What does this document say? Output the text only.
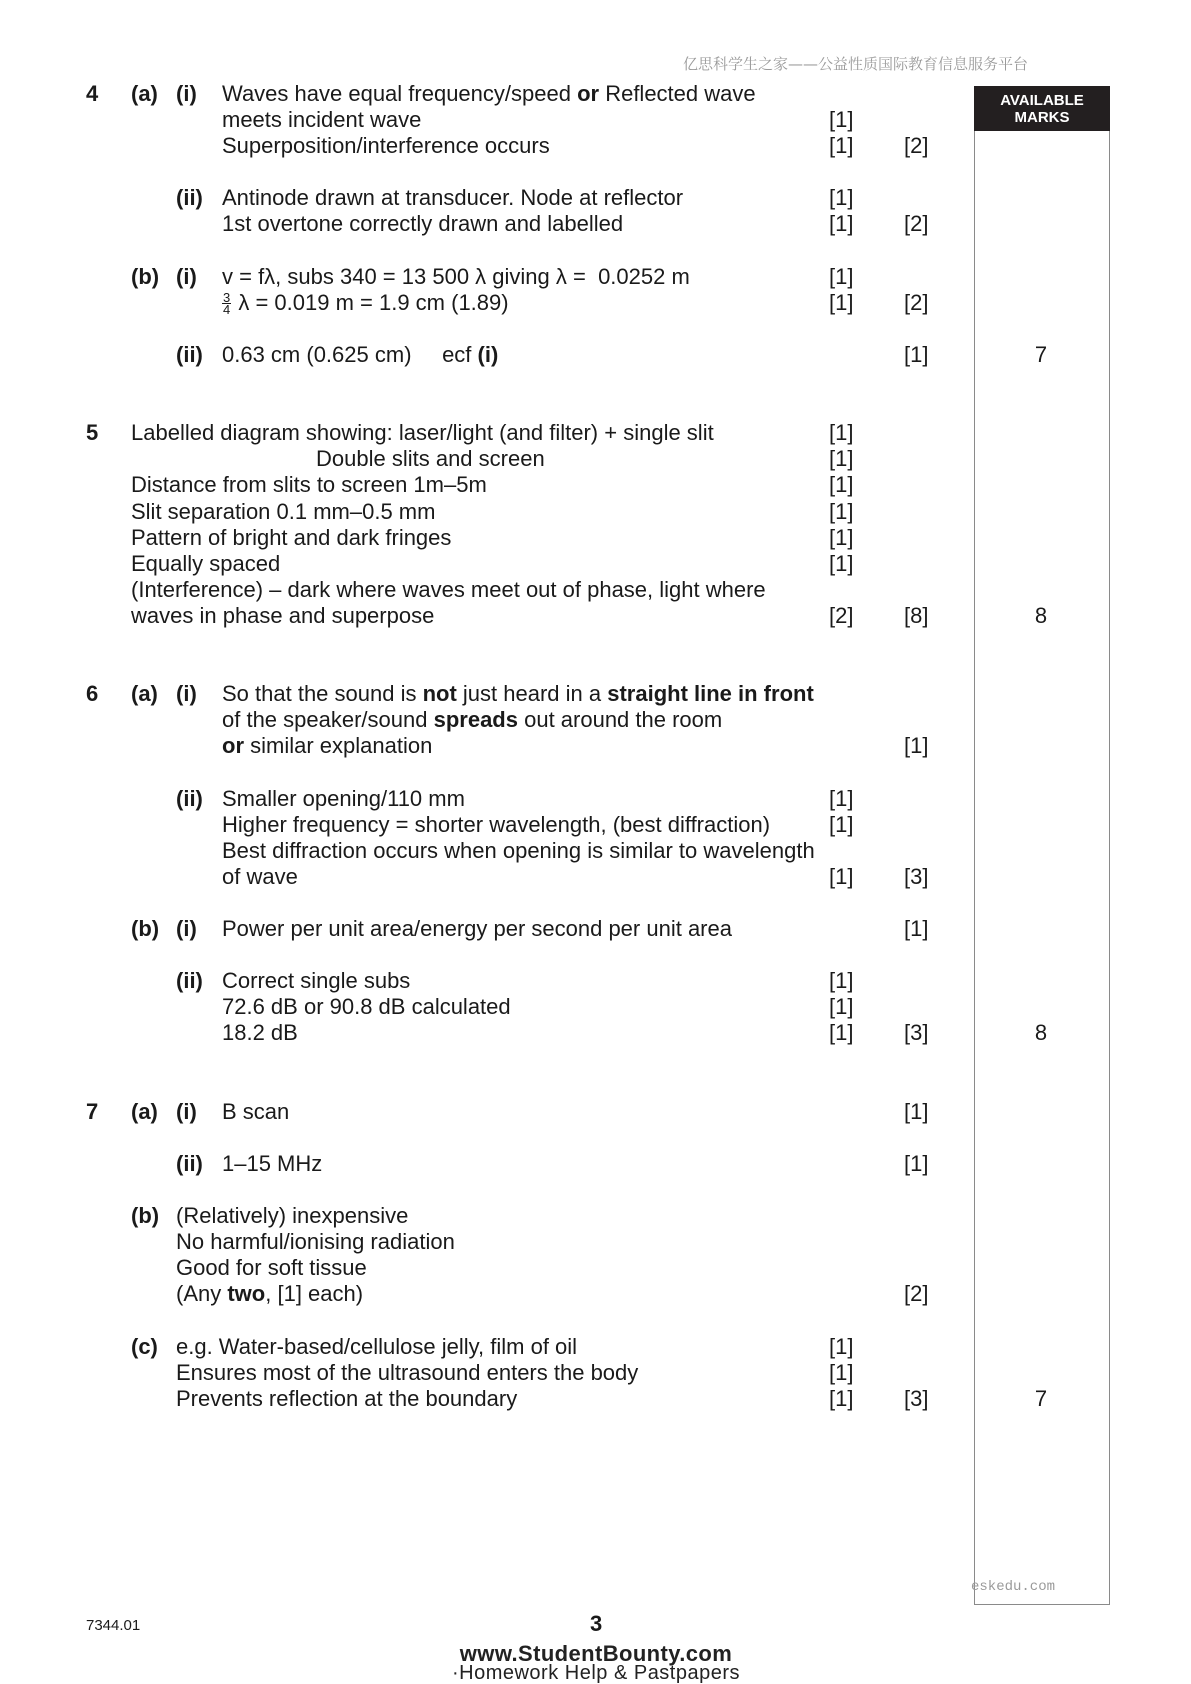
亿思科学生之家——公益性质国际教育信息服务平台
AVAILABLE
MARKS
4 (a) (i) Waves have equal frequency/speed or Reflected wave
meets incident wave	[1]
Superposition/interference occurs	[1] [2]
(ii) Antinode drawn at transducer. Node at reflector	[1]
1st overtone correctly drawn and labelled	[1] [2]
(b) (i) v = fλ, subs 340 = 13 500 λ giving λ =  0.0252 m	[1]
$\frac{3}{4}$ λ = 0.019 m = 1.9 cm (1.89)	[1] [2]
(ii) 0.63 cm (0.625 cm)     ecf (i)	[1]	7
5 Labelled diagram showing: laser/light (and filter) + single slit	[1]
Double slits and screen	[1]
Distance from slits to screen 1m–5m	[1]
Slit separation 0.1 mm–0.5 mm	[1]
Pattern of bright and dark fringes	[1]
Equally spaced	[1]
(Interference) – dark where waves meet out of phase, light where
waves in phase and superpose	[2] [8]	8
6 (a) (i) So that the sound is not just heard in a straight line in front
of the speaker/sound spreads out around the room
or similar explanation	[1]
(ii) Smaller opening/110 mm	[1]
Higher frequency = shorter wavelength, (best diffraction)	[1]
Best diffraction occurs when opening is similar to wavelength
of wave	[1] [3]
(b) (i) Power per unit area/energy per second per unit area	[1]
(ii) Correct single subs	[1]
72.6 dB or 90.8 dB calculated	[1]
18.2 dB	[1] [3]	8
7 (a) (i) B scan	[1]
(ii) 1–15 MHz	[1]
(b) (Relatively) inexpensive
No harmful/ionising radiation
Good for soft tissue
(Any two, [1] each)	[2]
(c) e.g. Water-based/cellulose jelly, film of oil	[1]
Ensures most of the ultrasound enters the body	[1]
Prevents reflection at the boundary	[1] [3]	7
eskedu.com
7344.01	3
www.StudentBounty.com
·Homework Help & Pastpapers
